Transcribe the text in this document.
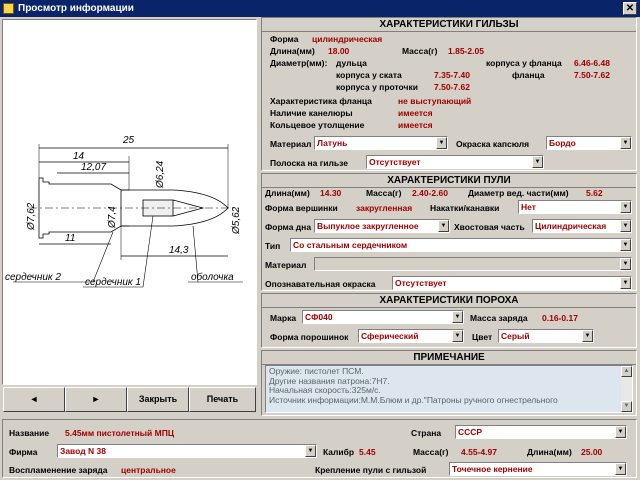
Просмотр информации	✕
25
14
12,07
11
14,3
сердечник 2 сердечник 1	оболочка
Ø7,62	Ø7,4
Ø6,24
Ø5,62
◄	►	Закрыть	Печать
ХАРАКТЕРИСТИКИ ГИЛЬЗЫ
Форма цилиндрическая
Длина(мм) 18.00	Масса(г) 1.85-2.05
Диаметр(мм): дульца	корпуса у фланца 6.46-6.48
корпуса у ската	7.35-7.40	фланца	7.50-7.62
корпуса у проточки 7.50-7.62
Характеристика фланца	не выступающий
Наличие канелюры	имеется
Кольцевое утолщение	имеется
Материал Латунь	▼ Окраска капсюля	Бордо	▼
Полоска на гильзе	Отсутствует	▼
ХАРАКТЕРИСТИКИ ПУЛИ
Длина(мм) 14.30	Масса(г) 2.40-2.60 Диаметр вед. части(мм) 5.62
Форма вершинки закругленная Накатки/канавки	Нет	▼
Форма дна Выпуклое закругленное	▼ Хвостовая часть	Цилиндрическая	▼
Тип	Со стальным сердечником	▼
Материал	▼
Опознавательная окраска	Отсутствует	▼
ХАРАКТЕРИСТИКИ ПОРОХА
Марка	СФ040	▼ Масса заряда 0.16-0.17
Форма порошинок	Сферический	▼ Цвет	Серый	▼
ПРИМЕЧАНИЕ
Оружие: пистолет ПСМ.
Другие названия патрона:7Н7.
Начальная скорость:325м/с.
Источник информации:М.М.Блюм и др."Патроны ручного огнестрельного
▲
▼
Название 5.45мм пистолетный МПЦ	Страна	СССР	▼
Фирма	Завод N 38	▼ Калибр 5.45	Масса(г) 4.55-4.97	Длина(мм) 25.00
Воспламенение заряда центральное	Крепление пули с гильзой	Точечное кернение	▼
